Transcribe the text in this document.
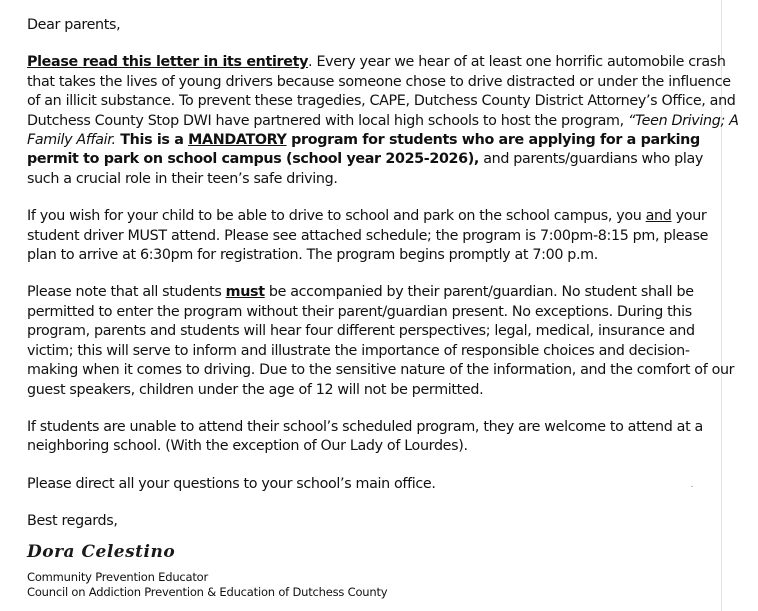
Dear parents,

Please read this letter in its entirety. Every year we hear of at least one horrific automobile crash that takes the lives of young drivers because someone chose to drive distracted or under the influence of an illicit substance. To prevent these tragedies, CAPE, Dutchess County District Attorney’s Office, and Dutchess County Stop DWI have partnered with local high schools to host the program, “Teen Driving; A Family Affair. This is a MANDATORY program for students who are applying for a parking permit to park on school campus (school year 2025-2026), and parents/guardians who play such a crucial role in their teen’s safe driving.

If you wish for your child to be able to drive to school and park on the school campus, you and your student driver MUST attend. Please see attached schedule; the program is 7:00pm-8:15 pm, please plan to arrive at 6:30pm for registration. The program begins promptly at 7:00 p.m.

Please note that all students must be accompanied by their parent/guardian. No student shall be permitted to enter the program without their parent/guardian present. No exceptions. During this program, parents and students will hear four different perspectives; legal, medical, insurance and victim; this will serve to inform and illustrate the importance of responsible choices and decision-making when it comes to driving. Due to the sensitive nature of the information, and the comfort of our guest speakers, children under the age of 12 will not be permitted.

If students are unable to attend their school’s scheduled program, they are welcome to attend at a neighboring school. (With the exception of Our Lady of Lourdes).

Please direct all your questions to your school’s main office.

Best regards,

Dora Celestino
Community Prevention Educator
Council on Addiction Prevention & Education of Dutchess County
